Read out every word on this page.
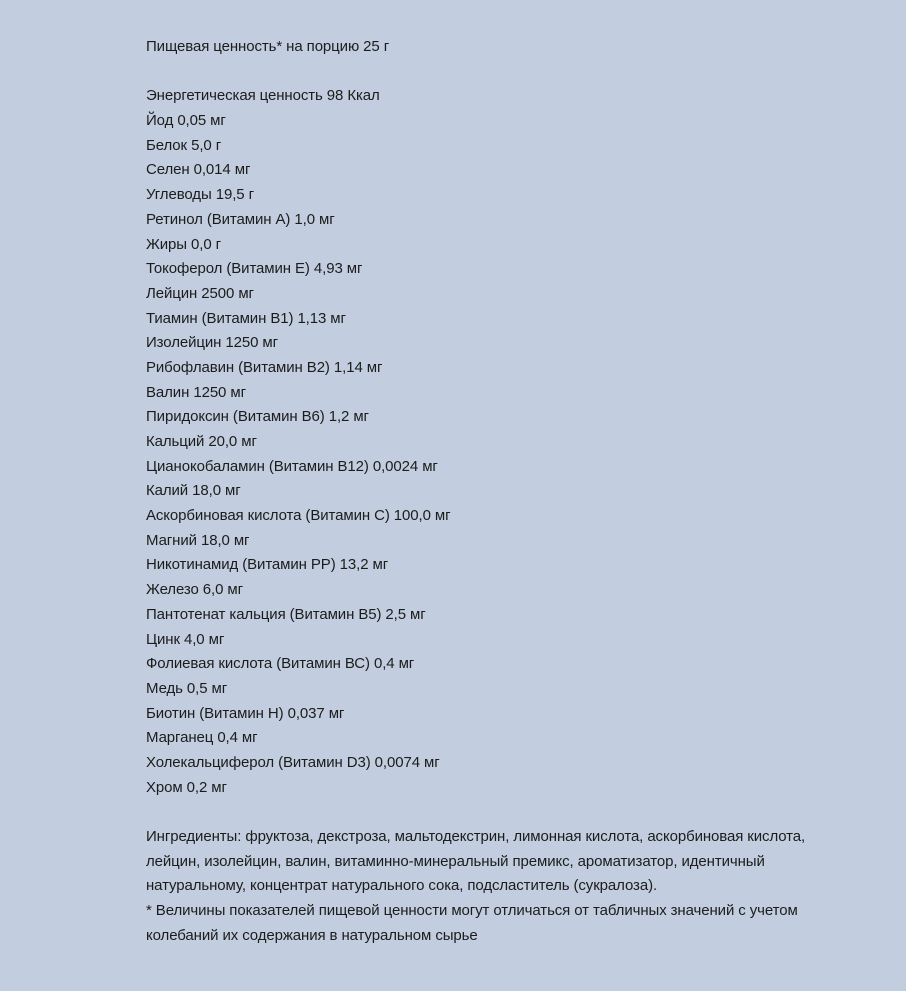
Пищевая ценность* на порцию 25 г
Энергетическая ценность 98 Ккал
Йод 0,05 мг
Белок 5,0 г
Селен 0,014 мг
Углеводы 19,5 г
Ретинол (Витамин А) 1,0 мг
Жиры 0,0 г
Токоферол (Витамин Е) 4,93 мг
Лейцин 2500 мг
Тиамин (Витамин В1) 1,13 мг
Изолейцин 1250 мг
Рибофлавин (Витамин В2) 1,14 мг
Валин 1250 мг
Пиридоксин (Витамин В6) 1,2 мг
Кальций 20,0 мг
Цианокобаламин (Витамин В12) 0,0024 мг
Калий 18,0 мг
Аскорбиновая кислота (Витамин С) 100,0 мг
Магний 18,0 мг
Никотинамид (Витамин РР) 13,2 мг
Железо 6,0 мг
Пантотенат кальция (Витамин В5) 2,5 мг
Цинк 4,0 мг
Фолиевая кислота (Витамин ВС) 0,4 мг
Медь 0,5 мг
Биотин (Витамин Н) 0,037 мг
Марганец 0,4 мг
Холекальциферол (Витамин D3) 0,0074 мг
Хром 0,2 мг
Ингредиенты: фруктоза, декстроза, мальтодекстрин, лимонная кислота, аскорбиновая кислота,
лейцин, изолейцин, валин, витаминно-минеральный премикс, ароматизатор, идентичный
натуральному, концентрат натурального сока, подсластитель (сукралоза).
* Величины показателей пищевой ценности могут отличаться от табличных значений с учетом
колебаний их содержания в натуральном сырье
